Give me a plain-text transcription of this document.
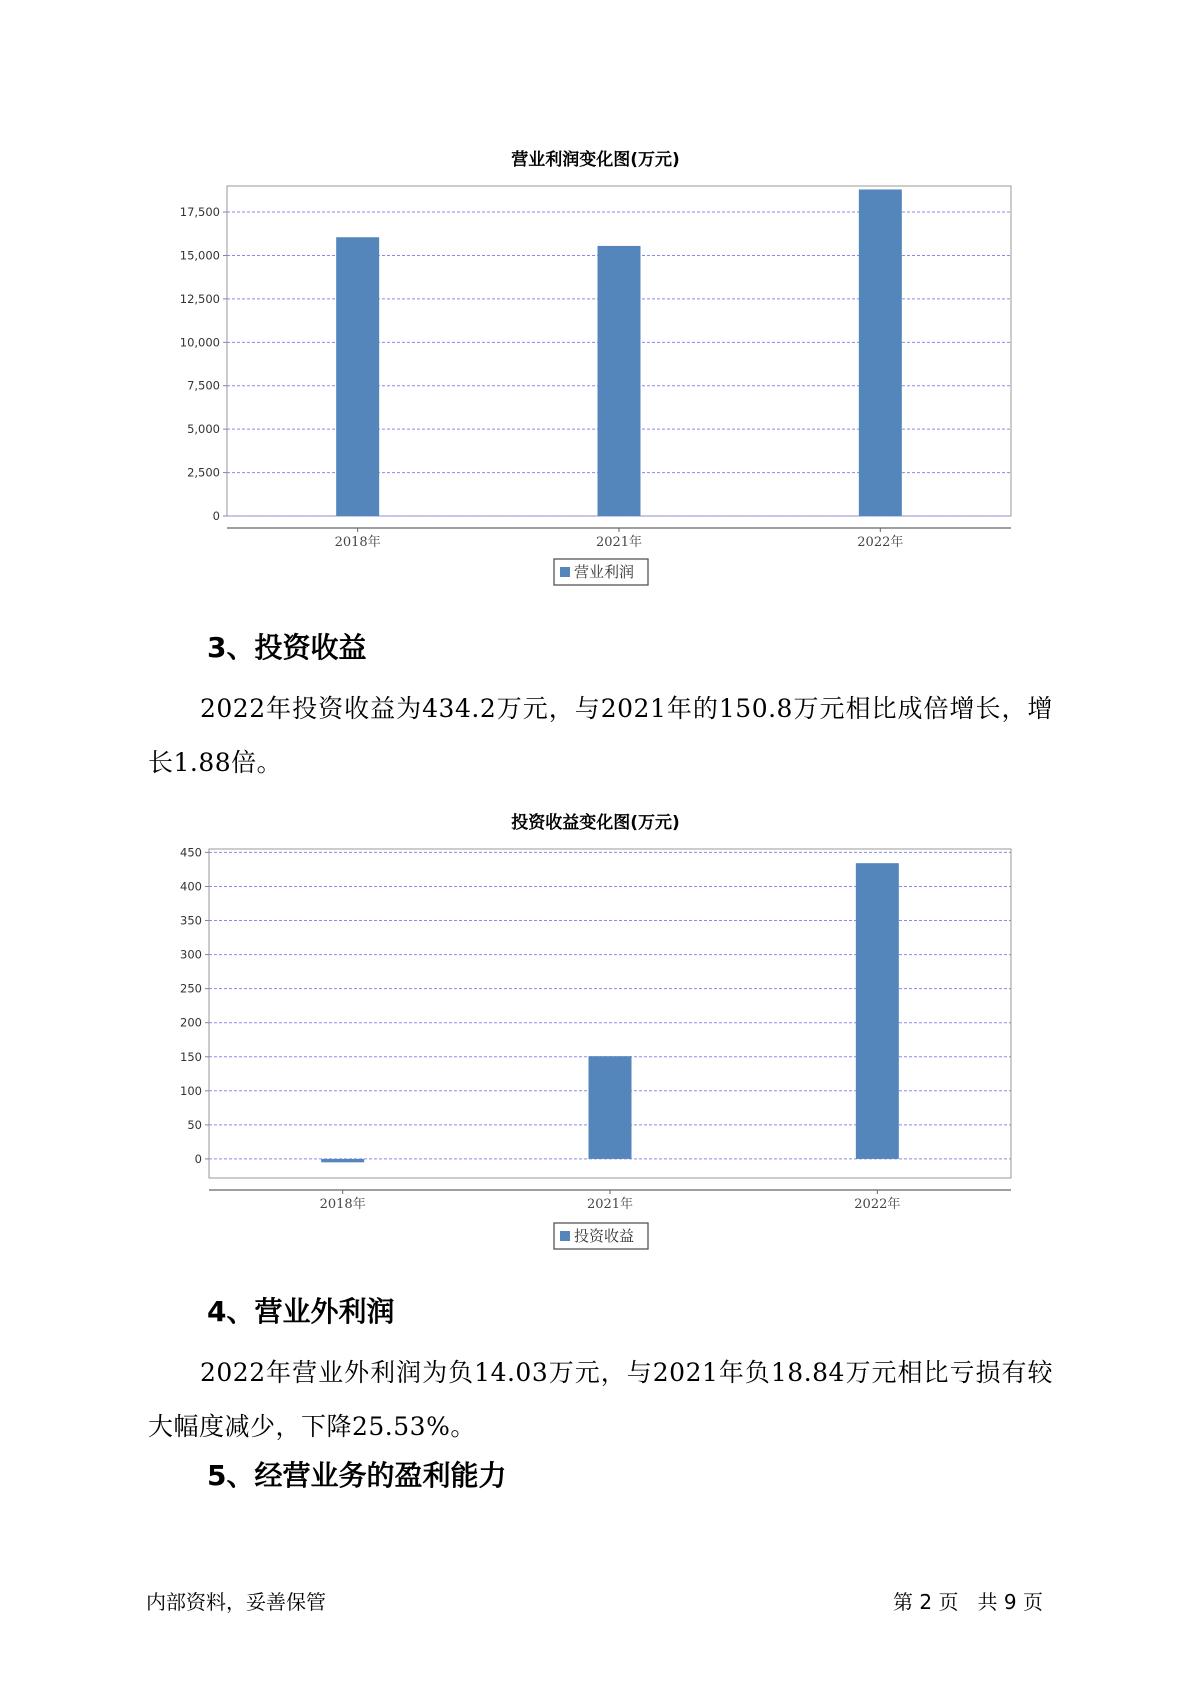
营业利润变化图(万元)
0
2,500
5,000
7,500
10,000
12,500
15,000
17,500
2018年	2021年	2022年
营业利润
3、投资收益
2022年投资收益为434.2万元，与2021年的150.8万元相比成倍增长，增长1.88倍。
投资收益变化图(万元)
0
50
100
150
200
250
300
350
400
450
2018年	2021年	2022年
投资收益
4、营业外利润
2022年营业外利润为负14.03万元，与2021年负18.84万元相比亏损有较大幅度减少，下降25.53%。
5、经营业务的盈利能力
内部资料，妥善保管	第 2 页   共 9 页
